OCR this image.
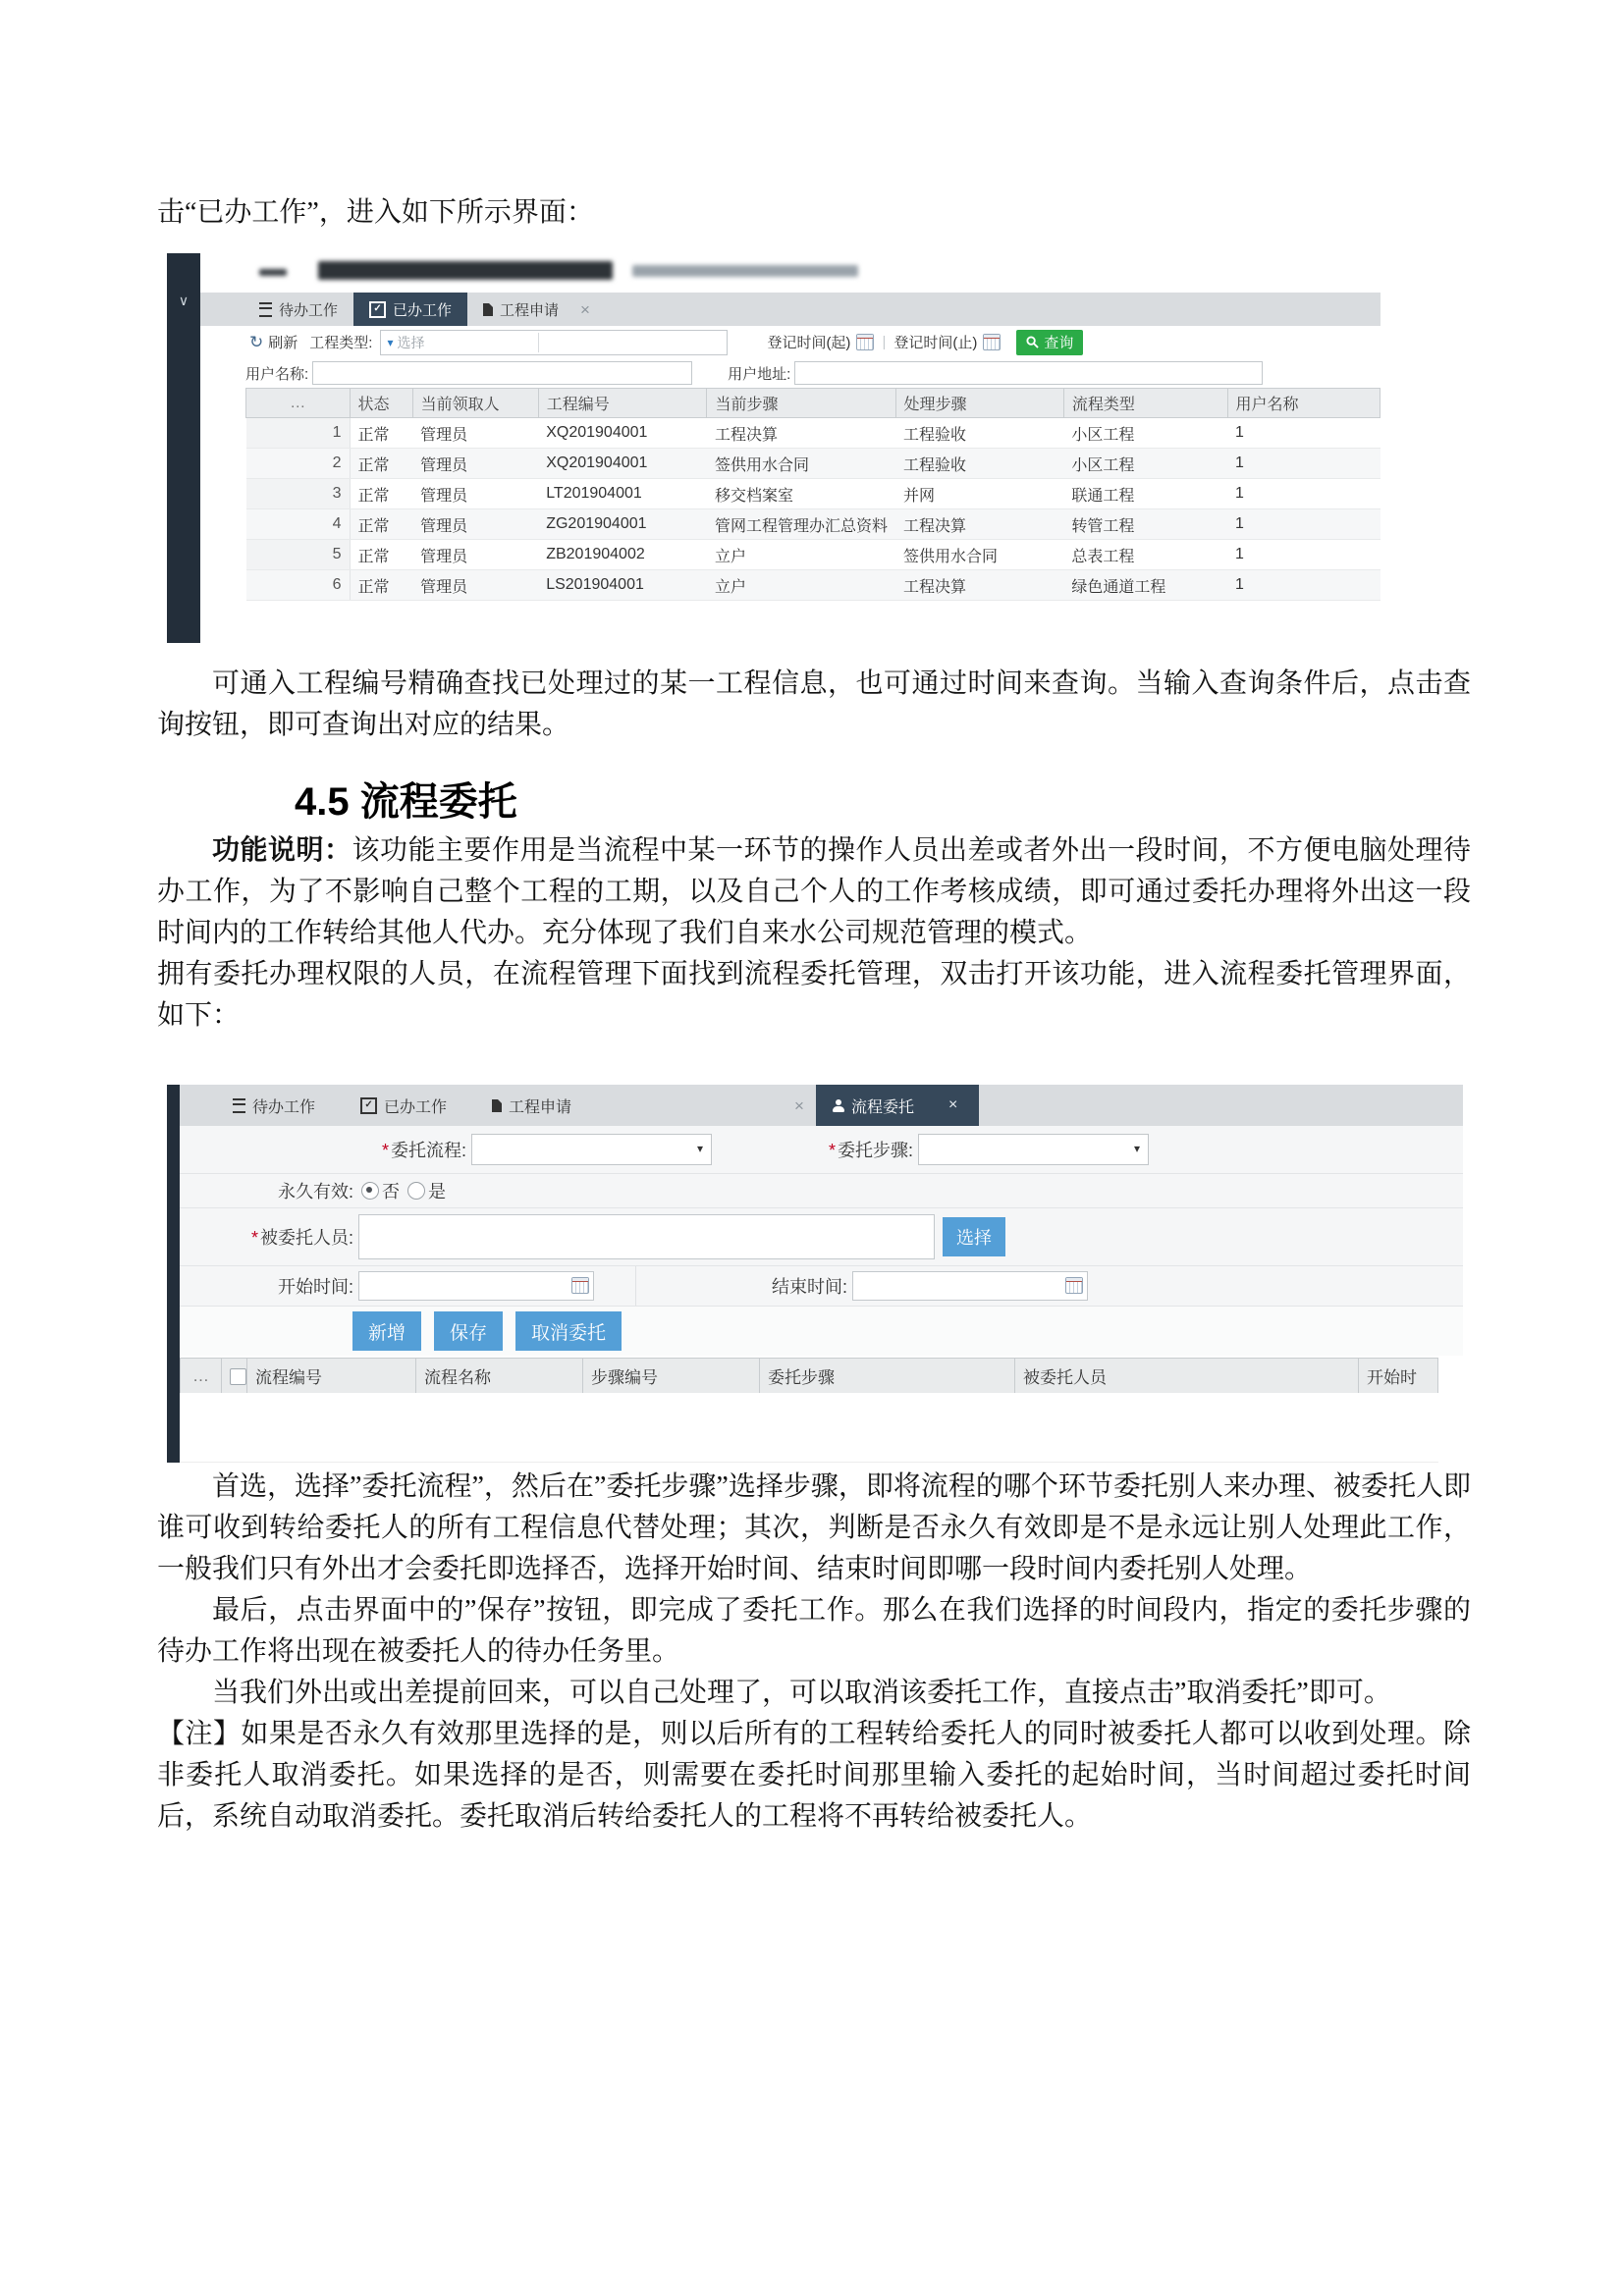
击“已办工作”，进入如下所示界面：

∨
待办工作	✓ 已办工作	工程申请	×
↻ 刷新 工程类型: ▾ 选择	登记时间(起) | 登记时间(止)	查询
用户名称:	用户地址:
…	状态	当前领取人	工程编号	当前步骤	处理步骤	流程类型	用户名称
1	正常	管理员	XQ201904001	工程决算	工程验收	小区工程	1
2	正常	管理员	XQ201904001	签供用水合同	工程验收	小区工程	1
3	正常	管理员	LT201904001	移交档案室	并网	联通工程	1
4	正常	管理员	ZG201904001	管网工程管理办汇总资料	工程决算	转管工程	1
5	正常	管理员	ZB201904002	立户	签供用水合同	总表工程	1
6	正常	管理员	LS201904001	立户	工程决算	绿色通道工程	1

可通入工程编号精确查找已处理过的某一工程信息，也可通过时间来查询。当输入查询条件后，点击查询按钮，即可查询出对应的结果。

4.5 流程委托

功能说明：该功能主要作用是当流程中某一环节的操作人员出差或者外出一段时间，不方便电脑处理待办工作，为了不影响自己整个工程的工期，以及自己个人的工作考核成绩，即可通过委托办理将外出这一段时间内的工作转给其他人代办。充分体现了我们自来水公司规范管理的模式。

拥有委托办理权限的人员，在流程管理下面找到流程委托管理，双击打开该功能，进入流程委托管理界面，如下：

待办工作	✓ 已办工作	工程申请	×	流程委托	×
* 委托流程:	▾	* 委托步骤:	▾
永久有效: 否 是
* 被委托人员:	选择
开始时间:	结束时间:
新增	保存	取消委托
…		流程编号	流程名称	步骤编号	委托步骤	被委托人员	开始时

首选，选择”委托流程”，然后在”委托步骤”选择步骤，即将流程的哪个环节委托别人来办理、被委托人即谁可收到转给委托人的所有工程信息代替处理；其次，判断是否永久有效即是不是永远让别人处理此工作，一般我们只有外出才会委托即选择否，选择开始时间、结束时间即哪一段时间内委托别人处理。

最后，点击界面中的”保存”按钮，即完成了委托工作。那么在我们选择的时间段内，指定的委托步骤的待办工作将出现在被委托人的待办任务里。

当我们外出或出差提前回来，可以自己处理了，可以取消该委托工作，直接点击”取消委托”即可。

【注】如果是否永久有效那里选择的是，则以后所有的工程转给委托人的同时被委托人都可以收到处理。除非委托人取消委托。如果选择的是否，则需要在委托时间那里输入委托的起始时间，当时间超过委托时间后，系统自动取消委托。委托取消后转给委托人的工程将不再转给被委托人。
